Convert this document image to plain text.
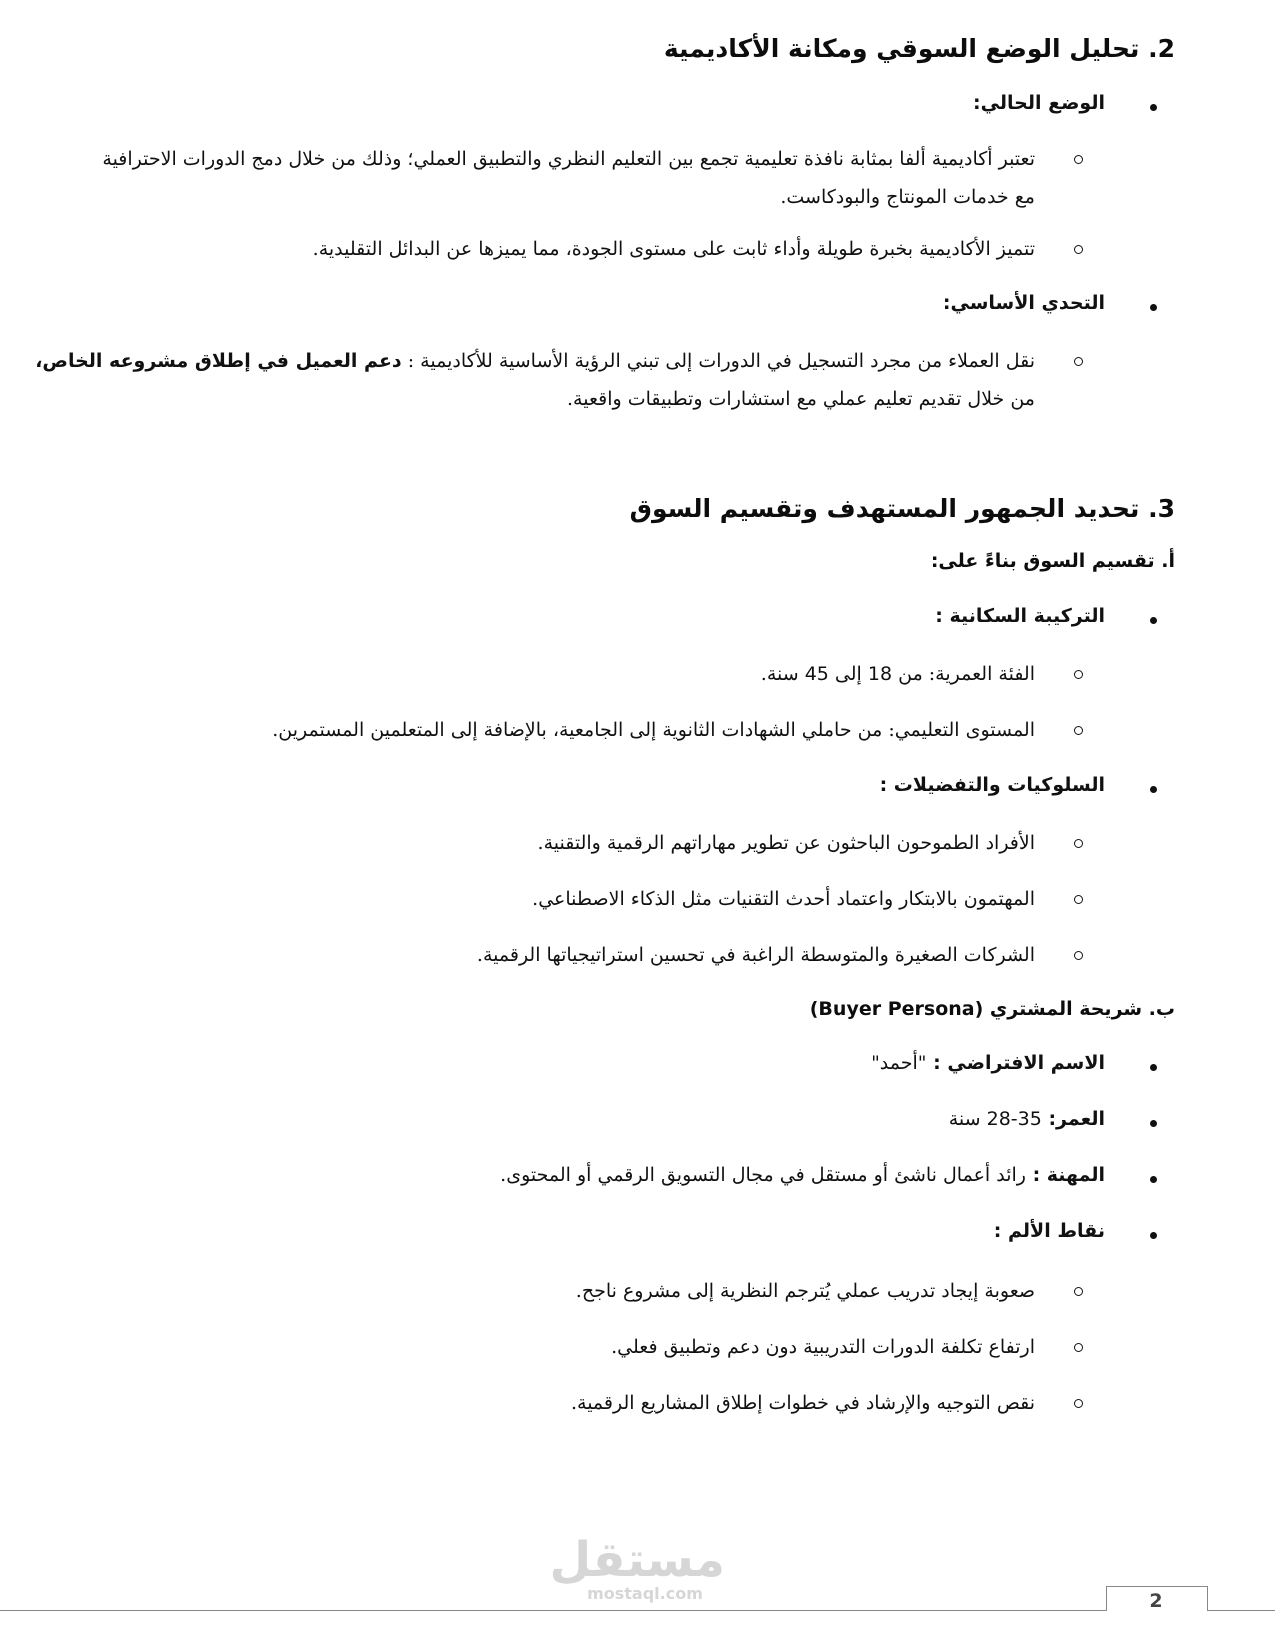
2. تحليل الوضع السوقي ومكانة الأكاديمية
الوضع الحالي:
تعتبر أكاديمية ألفا بمثابة نافذة تعليمية تجمع بين التعليم النظري والتطبيق العملي؛ وذلك من خلال دمج الدورات الاحترافية
مع خدمات المونتاج والبودكاست.
تتميز الأكاديمية بخبرة طويلة وأداء ثابت على مستوى الجودة، مما يميزها عن البدائل التقليدية.
التحدي الأساسي:
نقل العملاء من مجرد التسجيل في الدورات إلى تبني الرؤية الأساسية للأكاديمية : دعم العميل في إطلاق مشروعه الخاص،
من خلال تقديم تعليم عملي مع استشارات وتطبيقات واقعية.
3. تحديد الجمهور المستهدف وتقسيم السوق
أ. تقسيم السوق بناءً على:
التركيبة السكانية :
الفئة العمرية: من 18 إلى 45 سنة.
المستوى التعليمي: من حاملي الشهادات الثانوية إلى الجامعية، بالإضافة إلى المتعلمين المستمرين.
السلوكيات والتفضيلات :
الأفراد الطموحون الباحثون عن تطوير مهاراتهم الرقمية والتقنية.
المهتمون بالابتكار واعتماد أحدث التقنيات مثل الذكاء الاصطناعي.
الشركات الصغيرة والمتوسطة الراغبة في تحسين استراتيجياتها الرقمية.
ب. شريحة المشتري (Buyer Persona)
الاسم الافتراضي : "أحمد"
العمر: 35-28 سنة
المهنة : رائد أعمال ناشئ أو مستقل في مجال التسويق الرقمي أو المحتوى.
نقاط الألم :
صعوبة إيجاد تدريب عملي يُترجم النظرية إلى مشروع ناجح.
ارتفاع تكلفة الدورات التدريبية دون دعم وتطبيق فعلي.
نقص التوجيه والإرشاد في خطوات إطلاق المشاريع الرقمية.
مستقل
mostaql.com	2
